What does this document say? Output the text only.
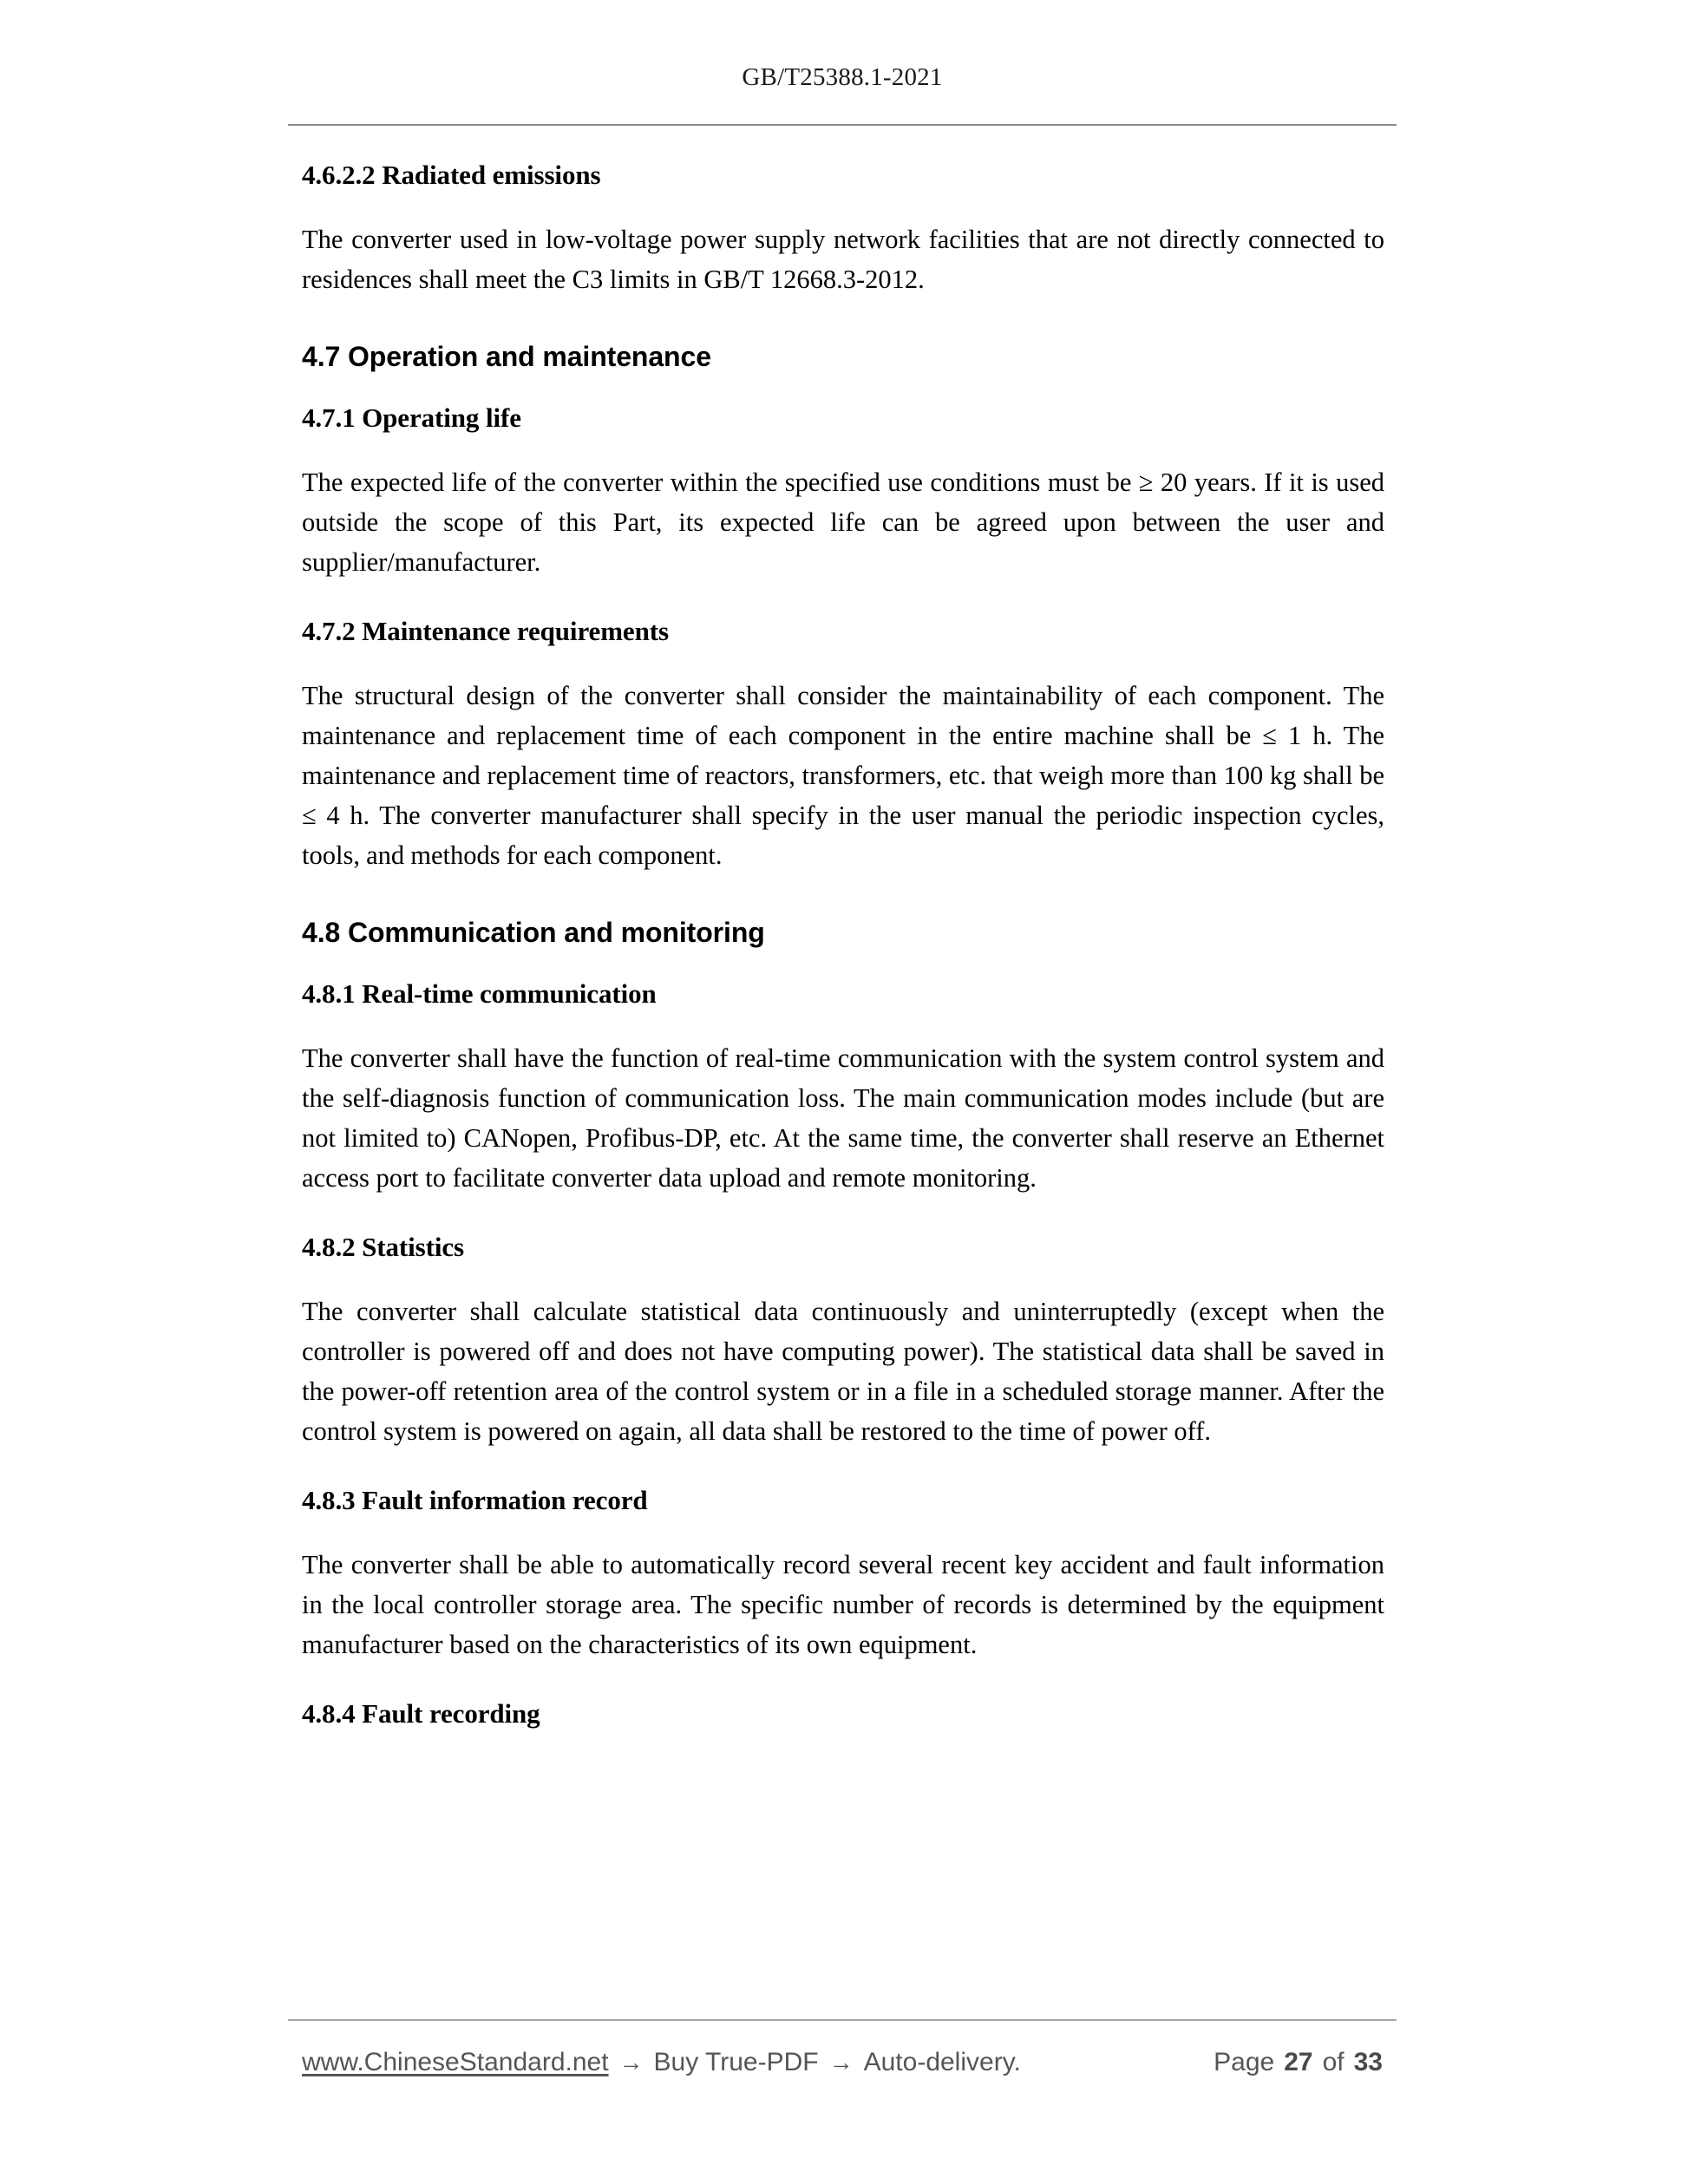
GB/T25388.1-2021
4.6.2.2 Radiated emissions

The converter used in low-voltage power supply network facilities that are not directly connected to residences shall meet the C3 limits in GB/T 12668.3-2012.

4.7 Operation and maintenance
4.7.1 Operating life

The expected life of the converter within the specified use conditions must be ≥ 20 years. If it is used outside the scope of this Part, its expected life can be agreed upon between the user and supplier/manufacturer.

4.7.2 Maintenance requirements

The structural design of the converter shall consider the maintainability of each component. The maintenance and replacement time of each component in the entire machine shall be ≤ 1 h. The maintenance and replacement time of reactors, transformers, etc. that weigh more than 100 kg shall be ≤ 4 h. The converter manufacturer shall specify in the user manual the periodic inspection cycles, tools, and methods for each component.

4.8 Communication and monitoring
4.8.1 Real-time communication

The converter shall have the function of real-time communication with the system control system and the self-diagnosis function of communication loss. The main communication modes include (but are not limited to) CANopen, Profibus-DP, etc. At the same time, the converter shall reserve an Ethernet access port to facilitate converter data upload and remote monitoring.

4.8.2 Statistics

The converter shall calculate statistical data continuously and uninterruptedly (except when the controller is powered off and does not have computing power). The statistical data shall be saved in the power-off retention area of the control system or in a file in a scheduled storage manner. After the control system is powered on again, all data shall be restored to the time of power off.

4.8.3 Fault information record

The converter shall be able to automatically record several recent key accident and fault information in the local controller storage area. The specific number of records is determined by the equipment manufacturer based on the characteristics of its own equipment.

4.8.4 Fault recording
www.ChineseStandard.net → Buy True-PDF → Auto-delivery.	Page 27 of 33
